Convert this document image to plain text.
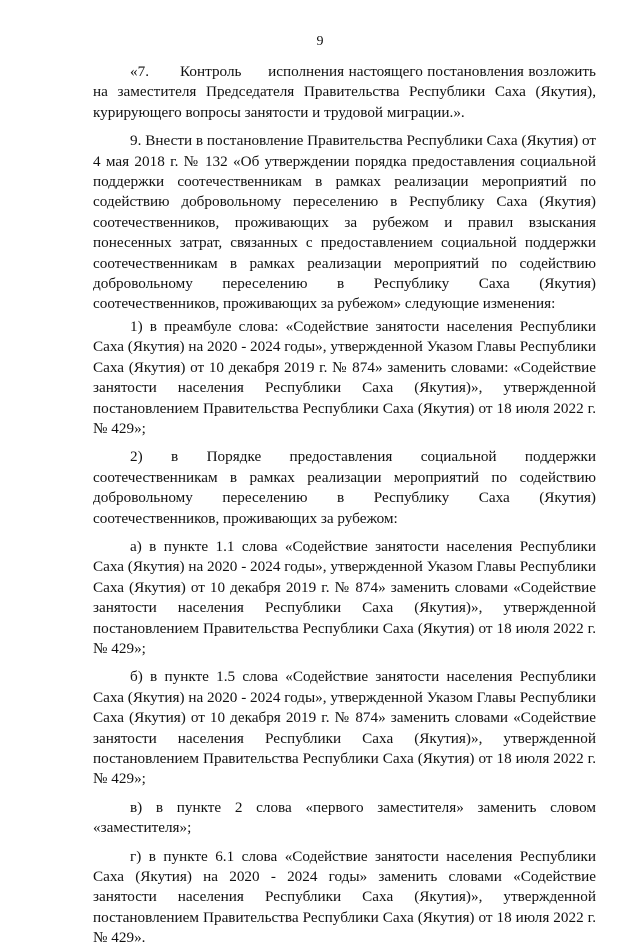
9

«7.       Контроль      исполнения настоящего постановления возложить на заместителя Председателя Правительства Республики Саха (Якутия), курирующего вопросы занятости и трудовой миграции.».

9. Внести в постановление Правительства Республики Саха (Якутия) от 4 мая 2018 г. № 132 «Об утверждении порядка предоставления социальной поддержки соотечественникам в рамках реализации мероприятий по содействию добровольному переселению в Республику Саха (Якутия) соотечественников, проживающих за рубежом и правил взыскания понесенных затрат, связанных с предоставлением социальной поддержки соотечественникам в рамках реализации мероприятий по содействию добровольному переселению в Республику Саха (Якутия) соотечественников, проживающих за рубежом» следующие изменения:

1) в преамбуле слова: «Содействие занятости населения Республики Саха (Якутия) на 2020 - 2024 годы», утвержденной Указом Главы Республики Саха (Якутия) от 10 декабря 2019 г. № 874» заменить словами: «Содействие занятости населения Республики Саха (Якутия)», утвержденной постановлением Правительства Республики Саха (Якутия) от 18 июля 2022 г. № 429»;

2) в Порядке предоставления социальной поддержки соотечественникам в рамках реализации мероприятий по содействию добровольному переселению в Республику Саха (Якутия) соотечественников, проживающих за рубежом:

а) в пункте 1.1 слова «Содействие занятости населения Республики Саха (Якутия) на 2020 - 2024 годы», утвержденной Указом Главы Республики Саха (Якутия) от 10 декабря 2019 г. № 874» заменить словами «Содействие занятости населения Республики Саха (Якутия)», утвержденной постановлением Правительства Республики Саха (Якутия) от 18 июля 2022 г. № 429»;

б) в пункте 1.5 слова «Содействие занятости населения Республики Саха (Якутия) на 2020 - 2024 годы», утвержденной Указом Главы Республики Саха (Якутия) от 10 декабря 2019 г. № 874» заменить словами «Содействие занятости населения Республики Саха (Якутия)», утвержденной постановлением Правительства Республики Саха (Якутия) от 18 июля 2022 г. № 429»;

в) в пункте 2 слова «первого заместителя» заменить словом «заместителя»;

г) в пункте 6.1 слова «Содействие занятости населения Республики Саха (Якутия) на 2020 - 2024 годы» заменить словами «Содействие занятости населения Республики Саха (Якутия)», утвержденной постановлением Правительства Республики Саха (Якутия) от 18 июля 2022 г. № 429».
